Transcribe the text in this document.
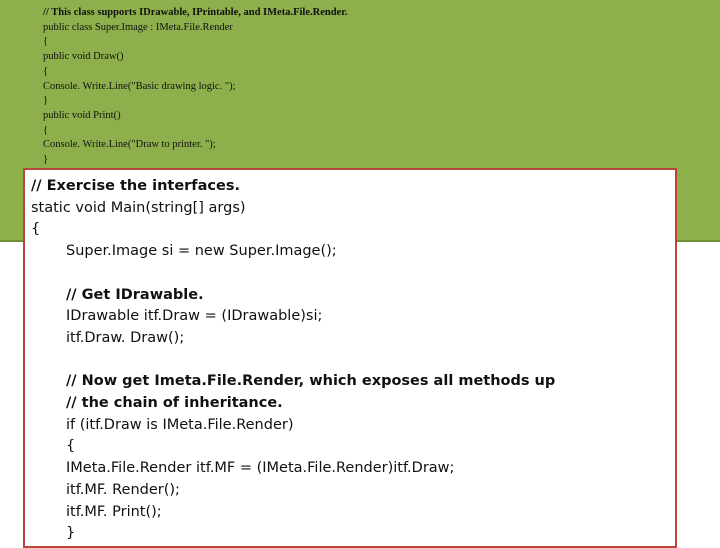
// This class supports IDrawable, IPrintable, and IMeta.File.Render.
public class Super.Image : IMeta.File.Render
{
public void Draw()
{
Console. Write.Line("Basic drawing logic. ");
}
public void Print()
{
Console. Write.Line("Draw to printer. ");
}
// Exercise the interfaces.
static void Main(string[] args)
{
Super.Image si = new Super.Image();
// Get IDrawable.
IDrawable itf.Draw = (IDrawable)si;
itf.Draw. Draw();
// Now get Imeta.File.Render, which exposes all methods up
// the chain of inheritance.
if (itf.Draw is IMeta.File.Render)
{
IMeta.File.Render itf.MF = (IMeta.File.Render)itf.Draw;
itf.MF. Render();
itf.MF. Print();
}
